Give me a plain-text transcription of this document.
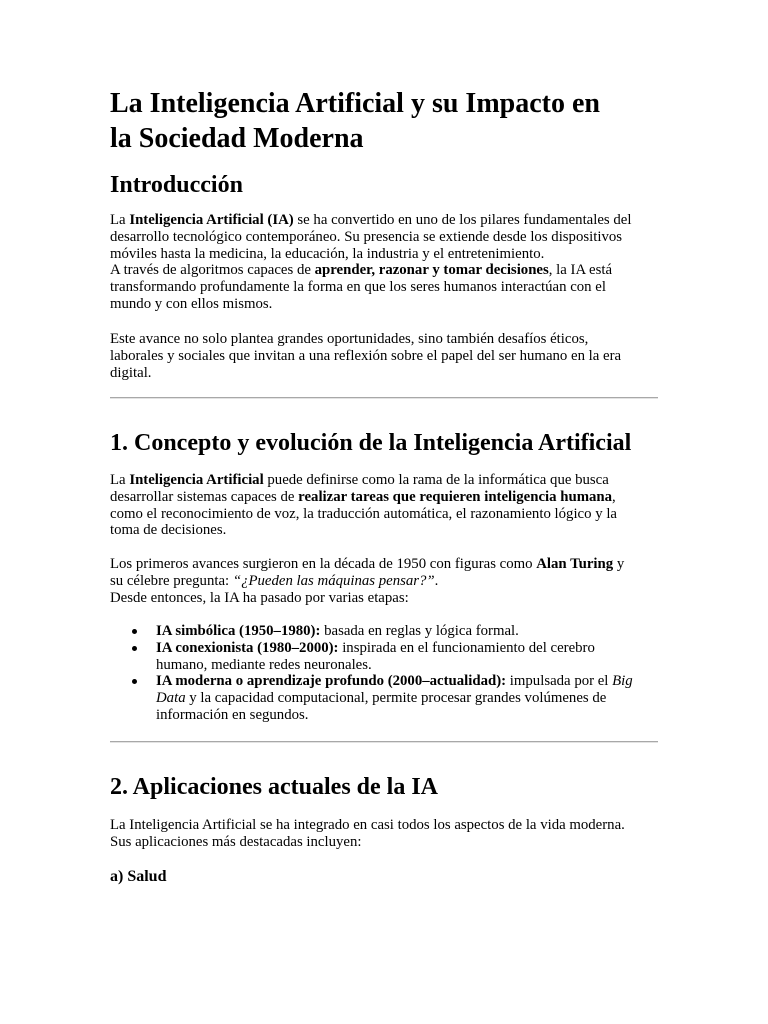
La Inteligencia Artificial y su Impacto en
la Sociedad Moderna
Introducción
La Inteligencia Artificial (IA) se ha convertido en uno de los pilares fundamentales del
desarrollo tecnológico contemporáneo. Su presencia se extiende desde los dispositivos
móviles hasta la medicina, la educación, la industria y el entretenimiento.
A través de algoritmos capaces de aprender, razonar y tomar decisiones, la IA está
transformando profundamente la forma en que los seres humanos interactúan con el
mundo y con ellos mismos.
Este avance no solo plantea grandes oportunidades, sino también desafíos éticos,
laborales y sociales que invitan a una reflexión sobre el papel del ser humano en la era
digital.
1. Concepto y evolución de la Inteligencia Artificial
La Inteligencia Artificial puede definirse como la rama de la informática que busca
desarrollar sistemas capaces de realizar tareas que requieren inteligencia humana,
como el reconocimiento de voz, la traducción automática, el razonamiento lógico y la
toma de decisiones.
Los primeros avances surgieron en la década de 1950 con figuras como Alan Turing y
su célebre pregunta: “¿Pueden las máquinas pensar?”.
Desde entonces, la IA ha pasado por varias etapas:
IA simbólica (1950–1980): basada en reglas y lógica formal.
IA conexionista (1980–2000): inspirada en el funcionamiento del cerebro
humano, mediante redes neuronales.
IA moderna o aprendizaje profundo (2000–actualidad): impulsada por el Big
Data y la capacidad computacional, permite procesar grandes volúmenes de
información en segundos.
2. Aplicaciones actuales de la IA
La Inteligencia Artificial se ha integrado en casi todos los aspectos de la vida moderna.
Sus aplicaciones más destacadas incluyen:
a) Salud
